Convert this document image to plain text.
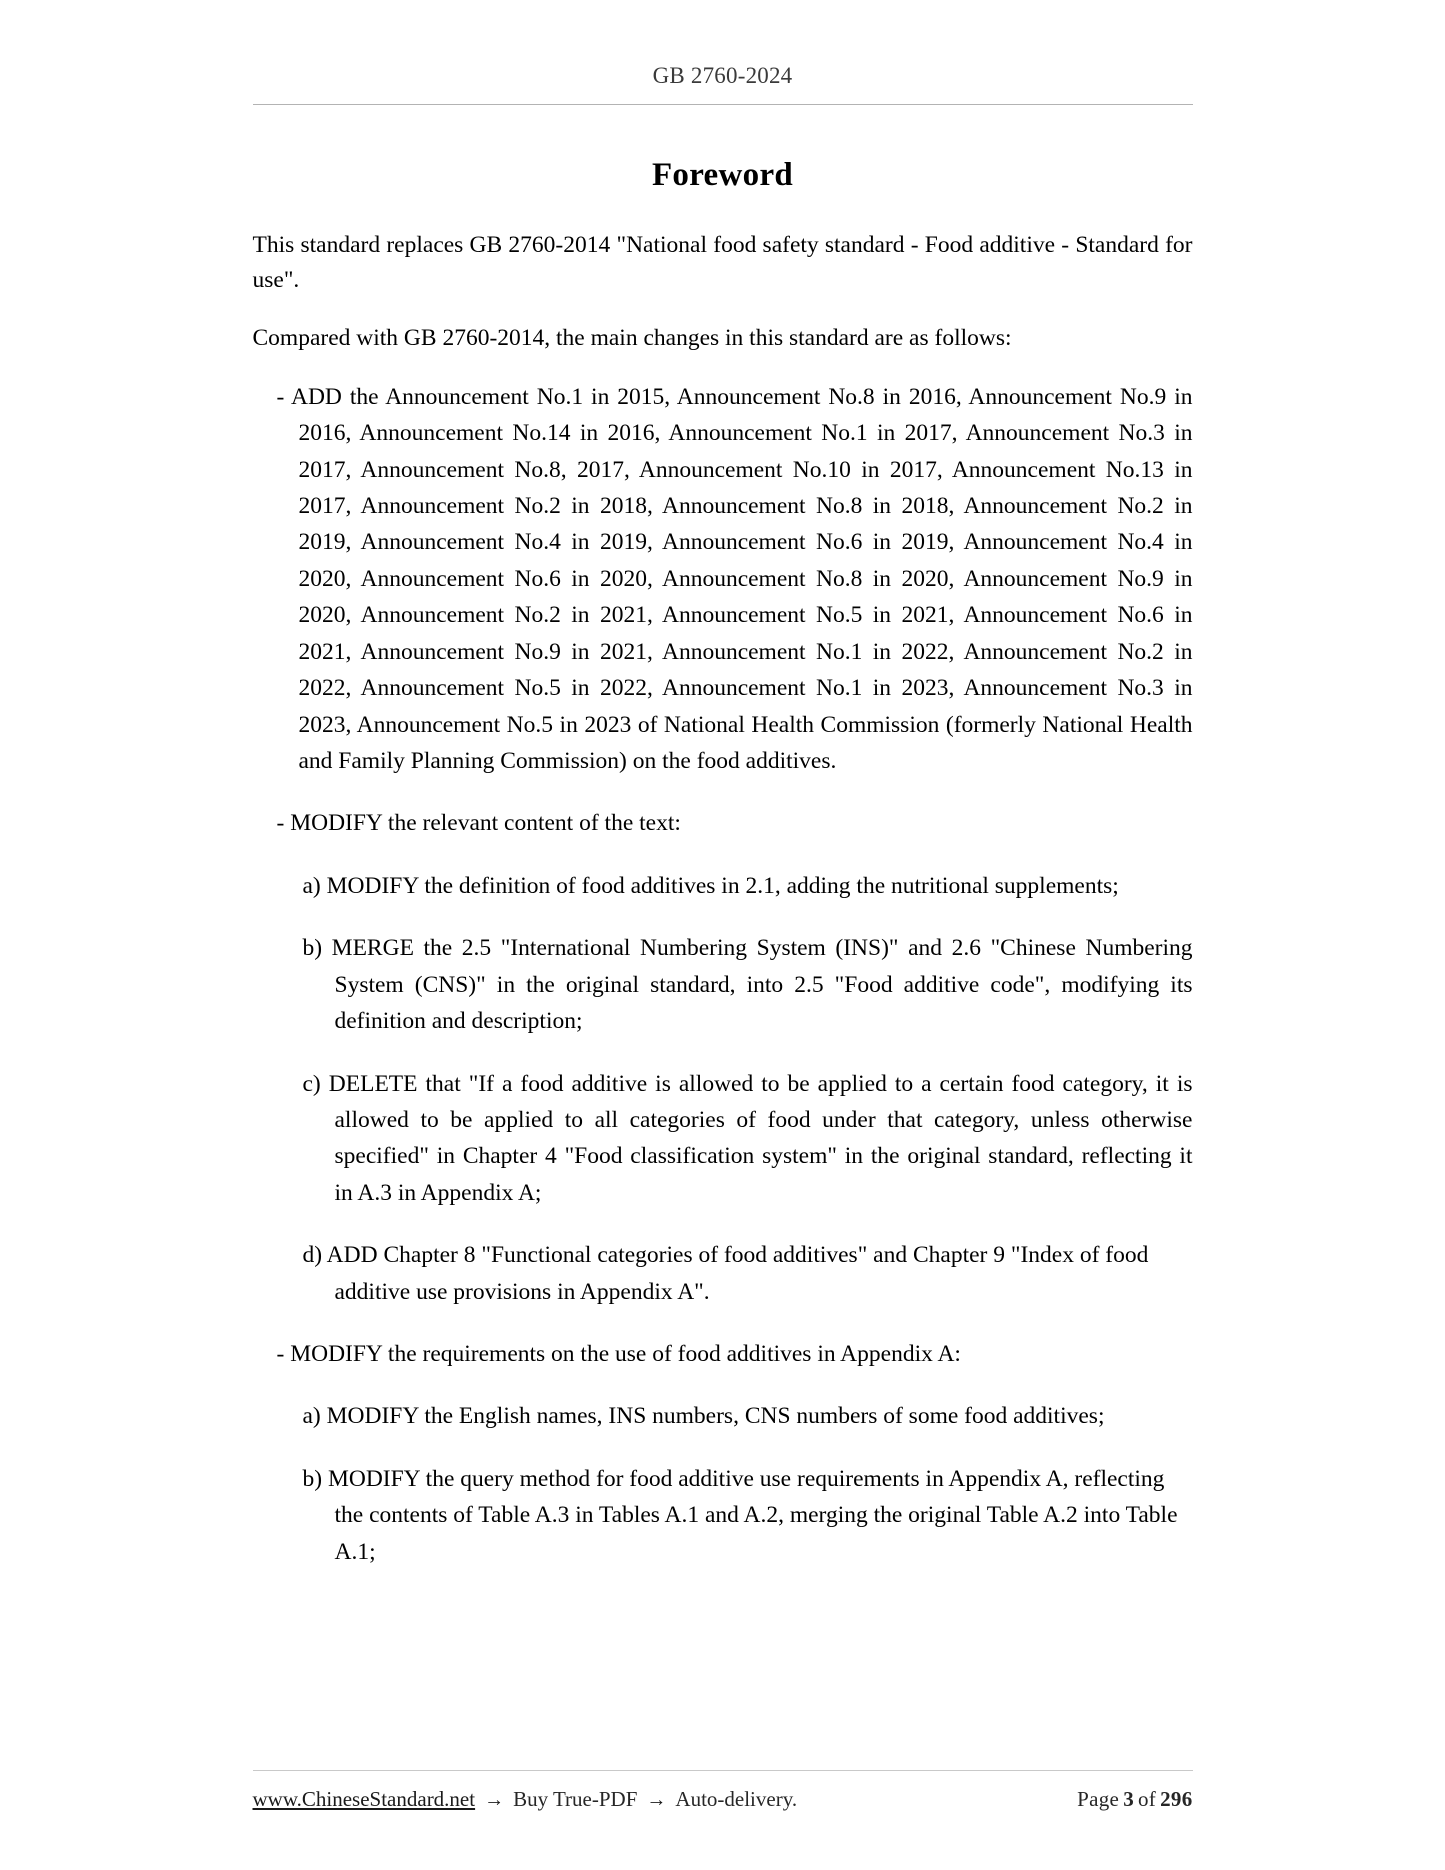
GB 2760-2024
Foreword

This standard replaces GB 2760-2014 "National food safety standard - Food additive - Standard for use".

Compared with GB 2760-2014, the main changes in this standard are as follows:

- ADD the Announcement No.1 in 2015, Announcement No.8 in 2016, Announcement No.9 in 2016, Announcement No.14 in 2016, Announcement No.1 in 2017, Announcement No.3 in 2017, Announcement No.8, 2017, Announcement No.10 in 2017, Announcement No.13 in 2017, Announcement No.2 in 2018, Announcement No.8 in 2018, Announcement No.2 in 2019, Announcement No.4 in 2019, Announcement No.6 in 2019, Announcement No.4 in 2020, Announcement No.6 in 2020, Announcement No.8 in 2020, Announcement No.9 in 2020, Announcement No.2 in 2021, Announcement No.5 in 2021, Announcement No.6 in 2021, Announcement No.9 in 2021, Announcement No.1 in 2022, Announcement No.2 in 2022, Announcement No.5 in 2022, Announcement No.1 in 2023, Announcement No.3 in 2023, Announcement No.5 in 2023 of National Health Commission (formerly National Health and Family Planning Commission) on the food additives.
- MODIFY the relevant content of the text:
a) MODIFY the definition of food additives in 2.1, adding the nutritional supplements;
b) MERGE the 2.5 "International Numbering System (INS)" and 2.6 "Chinese Numbering System (CNS)" in the original standard, into 2.5 "Food additive code", modifying its definition and description;
c) DELETE that "If a food additive is allowed to be applied to a certain food category, it is allowed to be applied to all categories of food under that category, unless otherwise specified" in Chapter 4 "Food classification system" in the original standard, reflecting it in A.3 in Appendix A;
d) ADD Chapter 8 "Functional categories of food additives" and Chapter 9 "Index of food additive use provisions in Appendix A".
- MODIFY the requirements on the use of food additives in Appendix A:
a) MODIFY the English names, INS numbers, CNS numbers of some food additives;
b) MODIFY the query method for food additive use requirements in Appendix A, reflecting the contents of Table A.3 in Tables A.1 and A.2, merging the original Table A.2 into Table A.1;
www.ChineseStandard.net → Buy True-PDF → Auto-delivery.	Page 3 of 296
